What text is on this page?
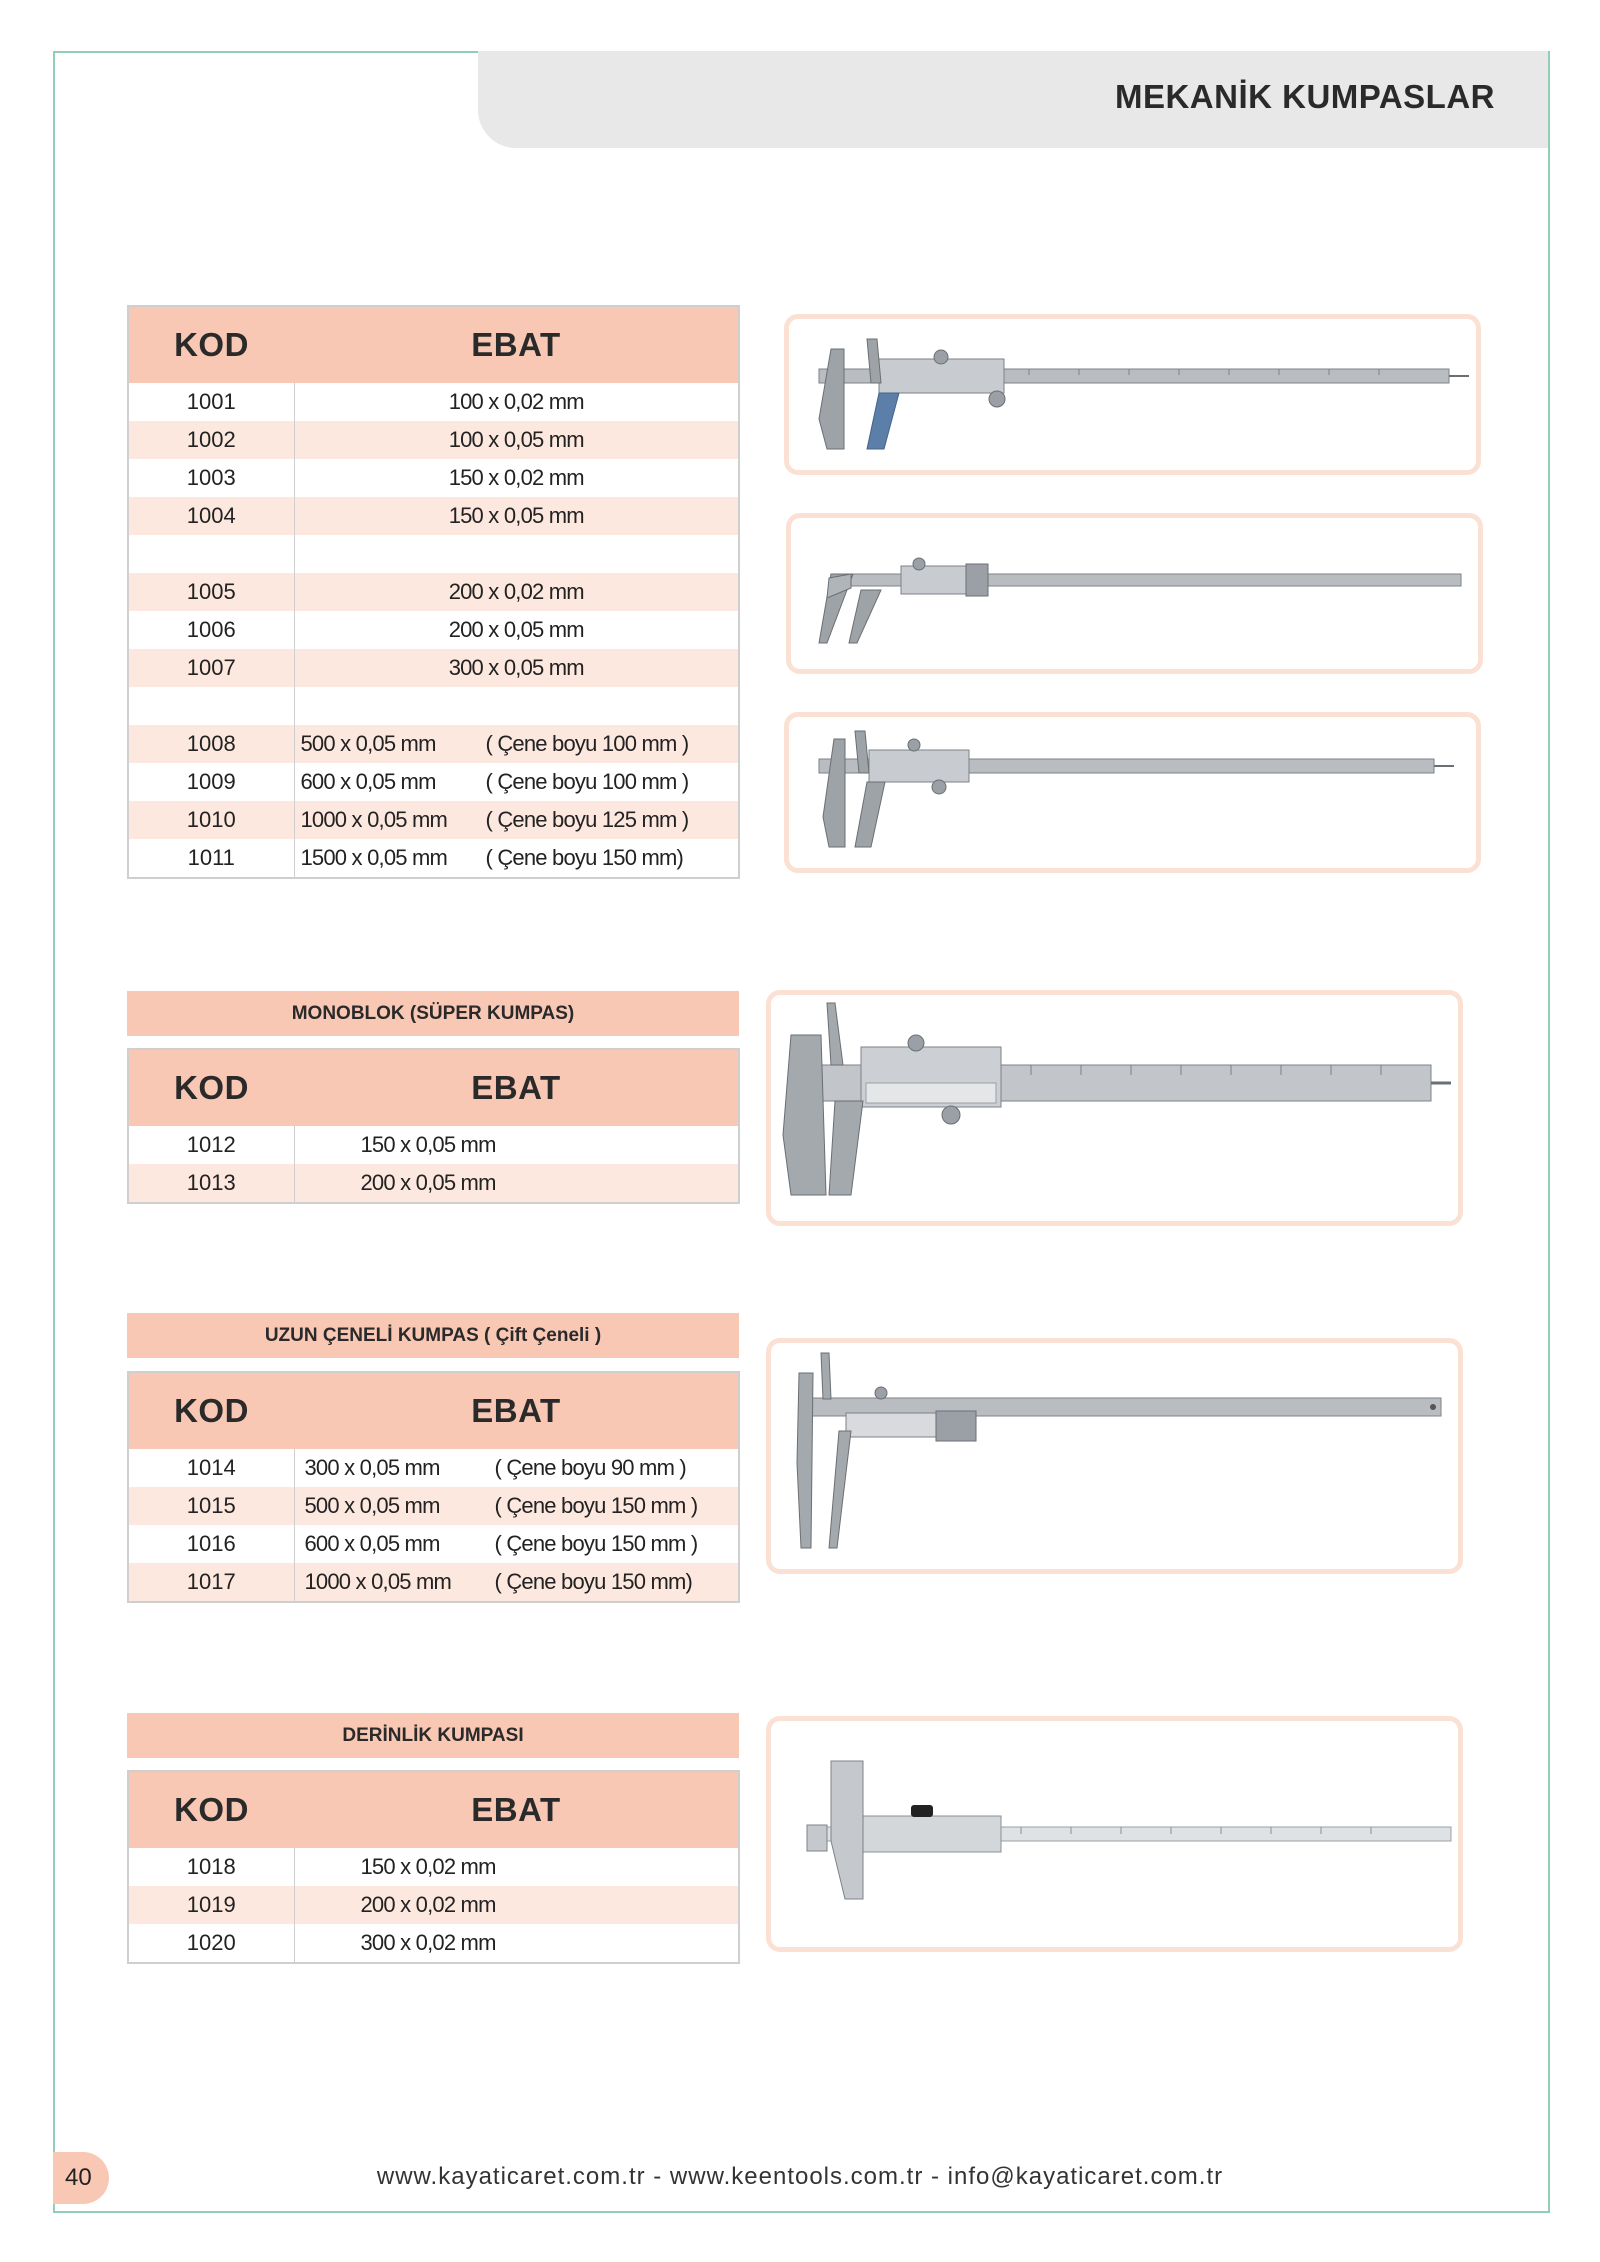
MEKANİK KUMPASLAR
KOD	EBAT
1001	100 x 0,02 mm
1002	100 x 0,05 mm
1003	150 x 0,02 mm
1004	150 x 0,05 mm

1005	200 x 0,02 mm
1006	200 x 0,05 mm
1007	300 x 0,05 mm

1008	500 x 0,05 mm ( Çene boyu 100 mm )
1009	600 x 0,05 mm ( Çene boyu 100 mm )
1010	1000 x 0,05 mm ( Çene boyu 125 mm )
1011	1500 x 0,05 mm ( Çene boyu 150 mm)
MONOBLOK (SÜPER KUMPAS)
KOD	EBAT
1012	150 x 0,05 mm
1013	200 x 0,05 mm
UZUN ÇENELİ KUMPAS ( Çift Çeneli )
KOD	EBAT
1014	300 x 0,05 mm ( Çene boyu 90 mm )
1015	500 x 0,05 mm ( Çene boyu 150 mm )
1016	600 x 0,05 mm ( Çene boyu 150 mm )
1017	1000 x 0,05 mm ( Çene boyu 150 mm)
DERİNLİK KUMPASI
KOD	EBAT
1018	150 x 0,02 mm
1019	200 x 0,02 mm
1020	300 x 0,02 mm
40	www.kayaticaret.com.tr - www.keentools.com.tr - info@kayaticaret.com.tr
